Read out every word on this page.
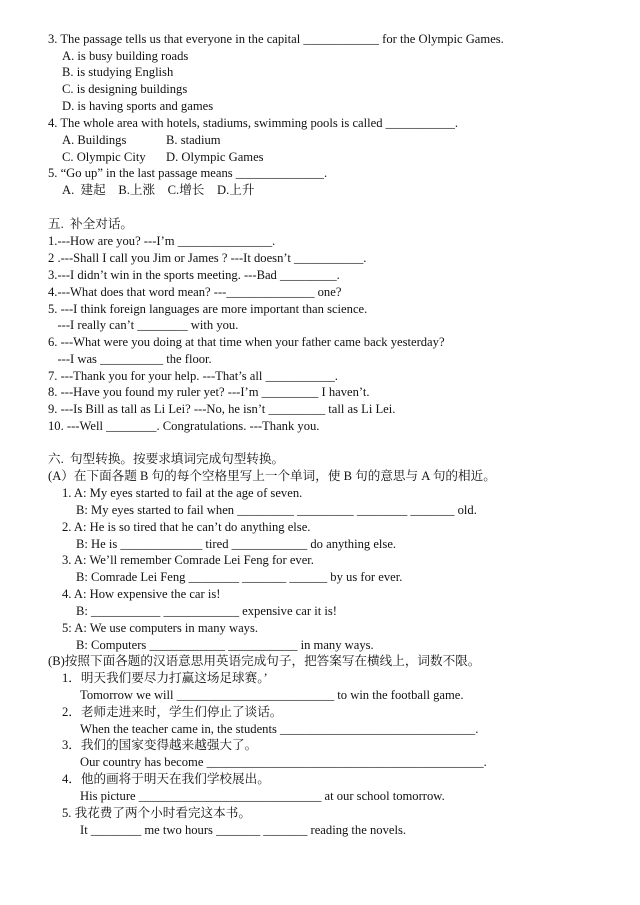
3. The passage tells us that everyone in the capital ____________ for the Olympic Games.
A. is busy building roads
B. is studying English
C. is designing buildings
D. is having sports and games
4. The whole area with hotels, stadiums, swimming pools is called ___________.
A. Buildings	B. stadium
C. Olympic City D. Olympic Games
5. “Go up” in the last passage means ______________.
A.  建起    B.上涨    C.增长    D.上升
五.  补全对话。
1.---How are you? ---I’m _______________.
2 .---Shall I call you Jim or James ? ---It doesn’t ___________.
3.---I didn’t win in the sports meeting. ---Bad _________.
4.---What does that word mean? ---______________ one?
5. ---I think foreign languages are more important than science.
---I really can’t ________ with you.
6. ---What were you doing at that time when your father came back yesterday?
---I was __________ the floor.
7. ---Thank you for your help. ---That’s all ___________.
8. ---Have you found my ruler yet? ---I’m _________ I haven’t.
9. ---Is Bill as tall as Li Lei? ---No, he isn’t _________ tall as Li Lei.
10. ---Well ________. Congratulations. ---Thank you.
六.  句型转换。按要求填词完成句型转换。
(A）在下面各题 B 句的每个空格里写上一个单词，使 B 句的意思与 A 句的相近。
1. A: My eyes started to fail at the age of seven.
B: My eyes started to fail when _________ _________ ________ _______ old.
2. A: He is so tired that he can’t do anything else.
B: He is _____________ tired ____________ do anything else.
3. A: We’ll remember Comrade Lei Feng for ever.
B: Comrade Lei Feng ________ _______ ______ by us for ever.
4. A: How expensive the car is!
B: ___________ ____________ expensive car it is!
5: A: We use computers in many ways.
B: Computers ____________ ___________ in many ways.
(B)按照下面各题的汉语意思用英语完成句子，把答案写在横线上，词数不限。
1．明天我们要尽力打赢这场足球赛。’
Tomorrow we will _________________________ to win the football game.
2．老师走进来时，学生们停止了谈话。
When the teacher came in, the students _______________________________.
3．我们的国家变得越来越强大了。
Our country has become ____________________________________________.
4．他的画将于明天在我们学校展出。
His picture _____________________________ at our school tomorrow.
5. 我花费了两个小时看完这本书。
It ________ me two hours _______ _______ reading the novels.
